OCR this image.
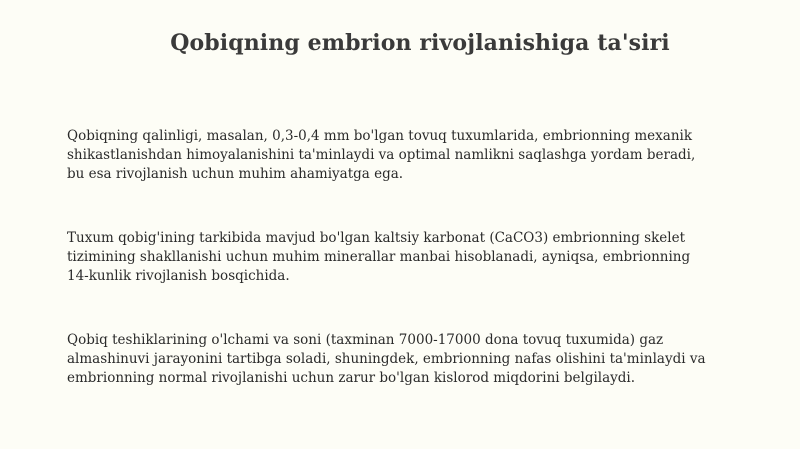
Qobiqning embrion rivojlanishiga ta'siri
Qobiqning qalinligi, masalan, 0,3-0,4 mm bo'lgan tovuq tuxumlarida, embrionning mexanik
shikastlanishdan himoyalanishini ta'minlaydi va optimal namlikni saqlashga yordam beradi,
bu esa rivojlanish uchun muhim ahamiyatga ega.
Tuxum qobig'ining tarkibida mavjud bo'lgan kaltsiy karbonat (CaCO3) embrionning skelet
tizimining shakllanishi uchun muhim minerallar manbai hisoblanadi, ayniqsa, embrionning
14-kunlik rivojlanish bosqichida.
Qobiq teshiklarining o'lchami va soni (taxminan 7000-17000 dona tovuq tuxumida) gaz
almashinuvi jarayonini tartibga soladi, shuningdek, embrionning nafas olishini ta'minlaydi va
embrionning normal rivojlanishi uchun zarur bo'lgan kislorod miqdorini belgilaydi.
